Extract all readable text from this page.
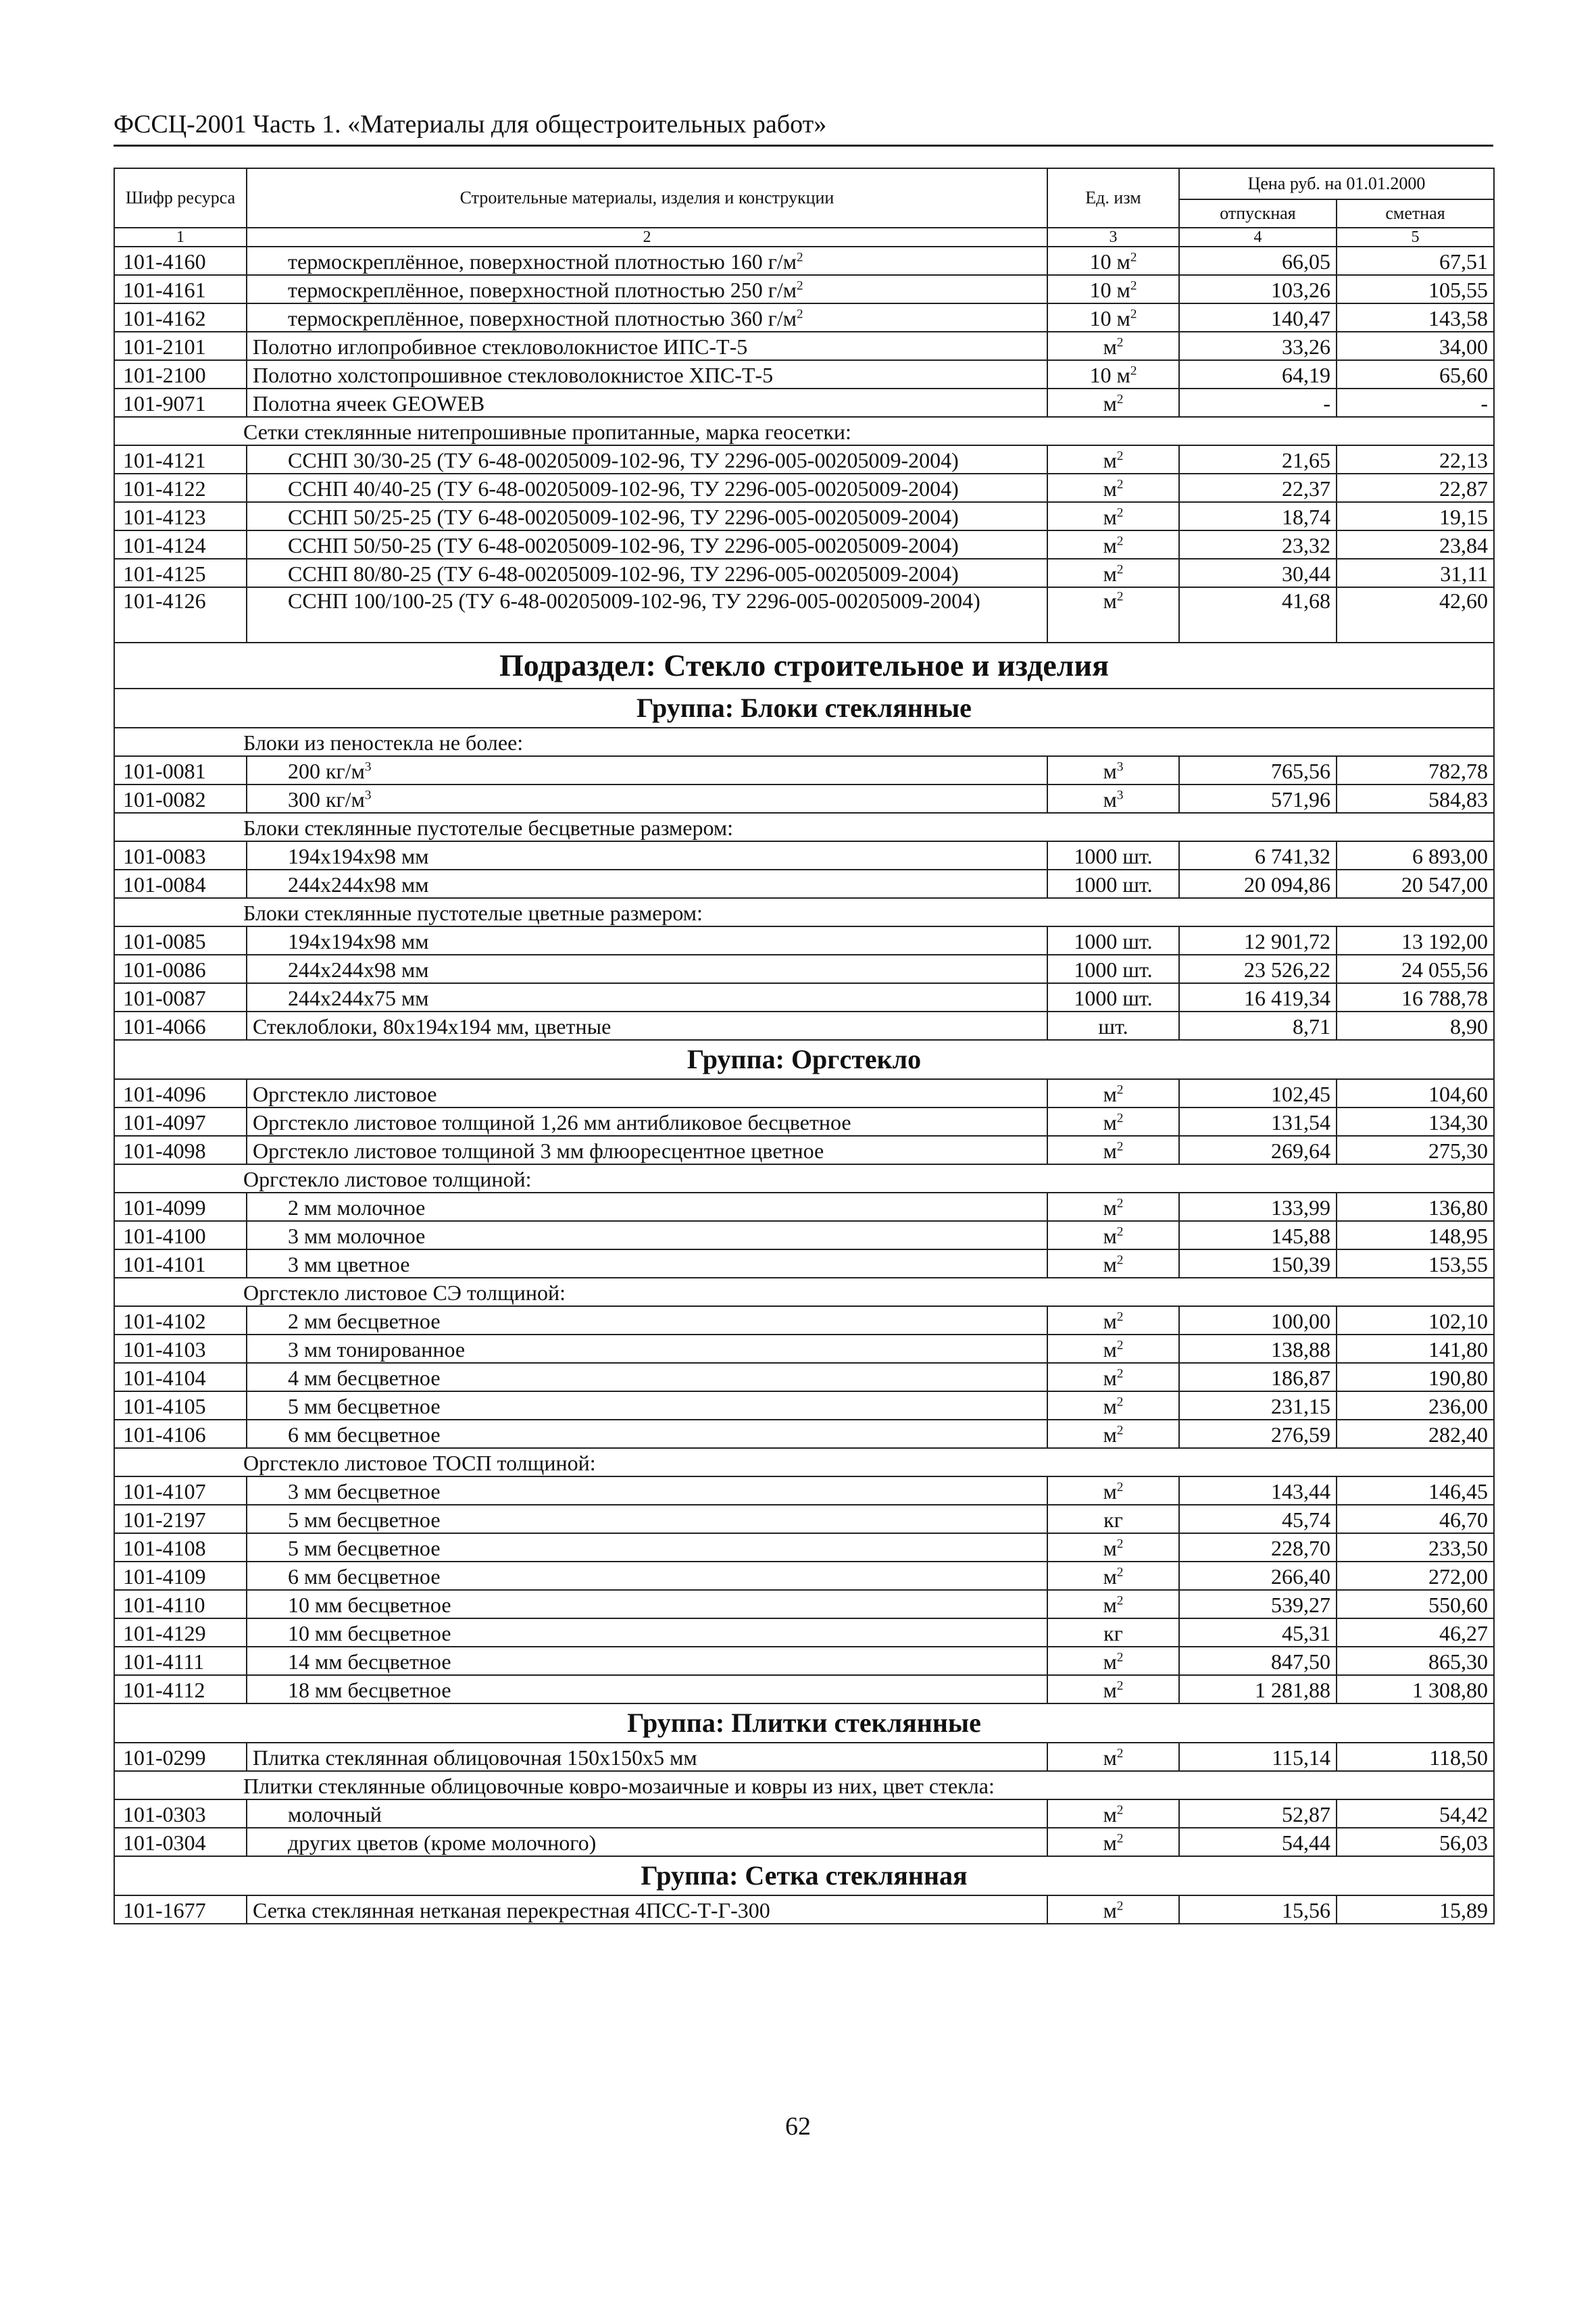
ФССЦ-2001 Часть 1. «Материалы для общестроительных работ»
Шифр ресурса	Строительные материалы, изделия и конструкции	Ед. изм	Цена руб. на 01.01.2000	
			отпускная	сметная
1	2	3	4	5
101-4160	термоскреплённое, поверхностной плотностью 160 $г/м^2$	10 $м^2$	66,05	67,51
101-4161	термоскреплённое, поверхностной плотностью 250 $г/м^2$	10 $м^2$	103,26	105,55
101-4162	термоскреплённое, поверхностной плотностью 360 $г/м^2$	10 $м^2$	140,47	143,58
101-2101	Полотно иглопробивное стекловолокнистое ИПС-Т-5	$м^2$	33,26	34,00
101-2100	Полотно холстопрошивное стекловолокнистое ХПС-Т-5	10 $м^2$	64,19	65,60
101-9071	Полотна ячеек GEOWEB	$м^2$	-	-
Сетки стеклянные нитепрошивные пропитанные, марка геосетки:				
101-4121	ССНП 30/30-25 (ТУ 6-48-00205009-102-96, ТУ 2296-005-00205009-2004)	$м^2$	21,65	22,13
101-4122	ССНП 40/40-25 (ТУ 6-48-00205009-102-96, ТУ 2296-005-00205009-2004)	$м^2$	22,37	22,87
101-4123	ССНП 50/25-25 (ТУ 6-48-00205009-102-96, ТУ 2296-005-00205009-2004)	$м^2$	18,74	19,15
101-4124	ССНП 50/50-25 (ТУ 6-48-00205009-102-96, ТУ 2296-005-00205009-2004)	$м^2$	23,32	23,84
101-4125	ССНП 80/80-25 (ТУ 6-48-00205009-102-96, ТУ 2296-005-00205009-2004)	$м^2$	30,44	31,11
101-4126	ССНП 100/100-25 (ТУ 6-48-00205009-102-96, ТУ 2296-005-00205009-2004)	$м^2$	41,68	42,60
Подраздел: Стекло строительное и изделия				
Группа: Блоки стеклянные				
Блоки из пеностекла не более:				
101-0081	200 $кг/м^3$	$м^3$	765,56	782,78
101-0082	300 $кг/м^3$	$м^3$	571,96	584,83
Блоки стеклянные пустотелые бесцветные размером:				
101-0083	194х194х98 мм	1000 шт.	6 741,32	6 893,00
101-0084	244х244х98 мм	1000 шт.	20 094,86	20 547,00
Блоки стеклянные пустотелые цветные размером:				
101-0085	194х194х98 мм	1000 шт.	12 901,72	13 192,00
101-0086	244х244х98 мм	1000 шт.	23 526,22	24 055,56
101-0087	244х244х75 мм	1000 шт.	16 419,34	16 788,78
101-4066	Стеклоблоки, 80х194х194 мм, цветные	шт.	8,71	8,90
Группа: Оргстекло				
101-4096	Оргстекло листовое	$м^2$	102,45	104,60
101-4097	Оргстекло листовое толщиной 1,26 мм антибликовое бесцветное	$м^2$	131,54	134,30
101-4098	Оргстекло листовое толщиной 3 мм флюоресцентное цветное	$м^2$	269,64	275,30
Оргстекло листовое толщиной:				
101-4099	2 мм молочное	$м^2$	133,99	136,80
101-4100	3 мм молочное	$м^2$	145,88	148,95
101-4101	3 мм цветное	$м^2$	150,39	153,55
Оргстекло листовое СЭ толщиной:				
101-4102	2 мм бесцветное	$м^2$	100,00	102,10
101-4103	3 мм тонированное	$м^2$	138,88	141,80
101-4104	4 мм бесцветное	$м^2$	186,87	190,80
101-4105	5 мм бесцветное	$м^2$	231,15	236,00
101-4106	6 мм бесцветное	$м^2$	276,59	282,40
Оргстекло листовое ТОСП толщиной:				
101-4107	3 мм бесцветное	$м^2$	143,44	146,45
101-2197	5 мм бесцветное	кг	45,74	46,70
101-4108	5 мм бесцветное	$м^2$	228,70	233,50
101-4109	6 мм бесцветное	$м^2$	266,40	272,00
101-4110	10 мм бесцветное	$м^2$	539,27	550,60
101-4129	10 мм бесцветное	кг	45,31	46,27
101-4111	14 мм бесцветное	$м^2$	847,50	865,30
101-4112	18 мм бесцветное	$м^2$	1 281,88	1 308,80
Группа: Плитки стеклянные				
101-0299	Плитка стеклянная облицовочная 150х150х5 мм	$м^2$	115,14	118,50
Плитки стеклянные облицовочные ковро-мозаичные и ковры из них, цвет стекла:				
101-0303	молочный	$м^2$	52,87	54,42
101-0304	других цветов (кроме молочного)	$м^2$	54,44	56,03
Группа: Сетка стеклянная				
101-1677	Сетка стеклянная нетканая перекрестная 4ПСС-Т-Г-300	$м^2$	15,56	15,89
62
